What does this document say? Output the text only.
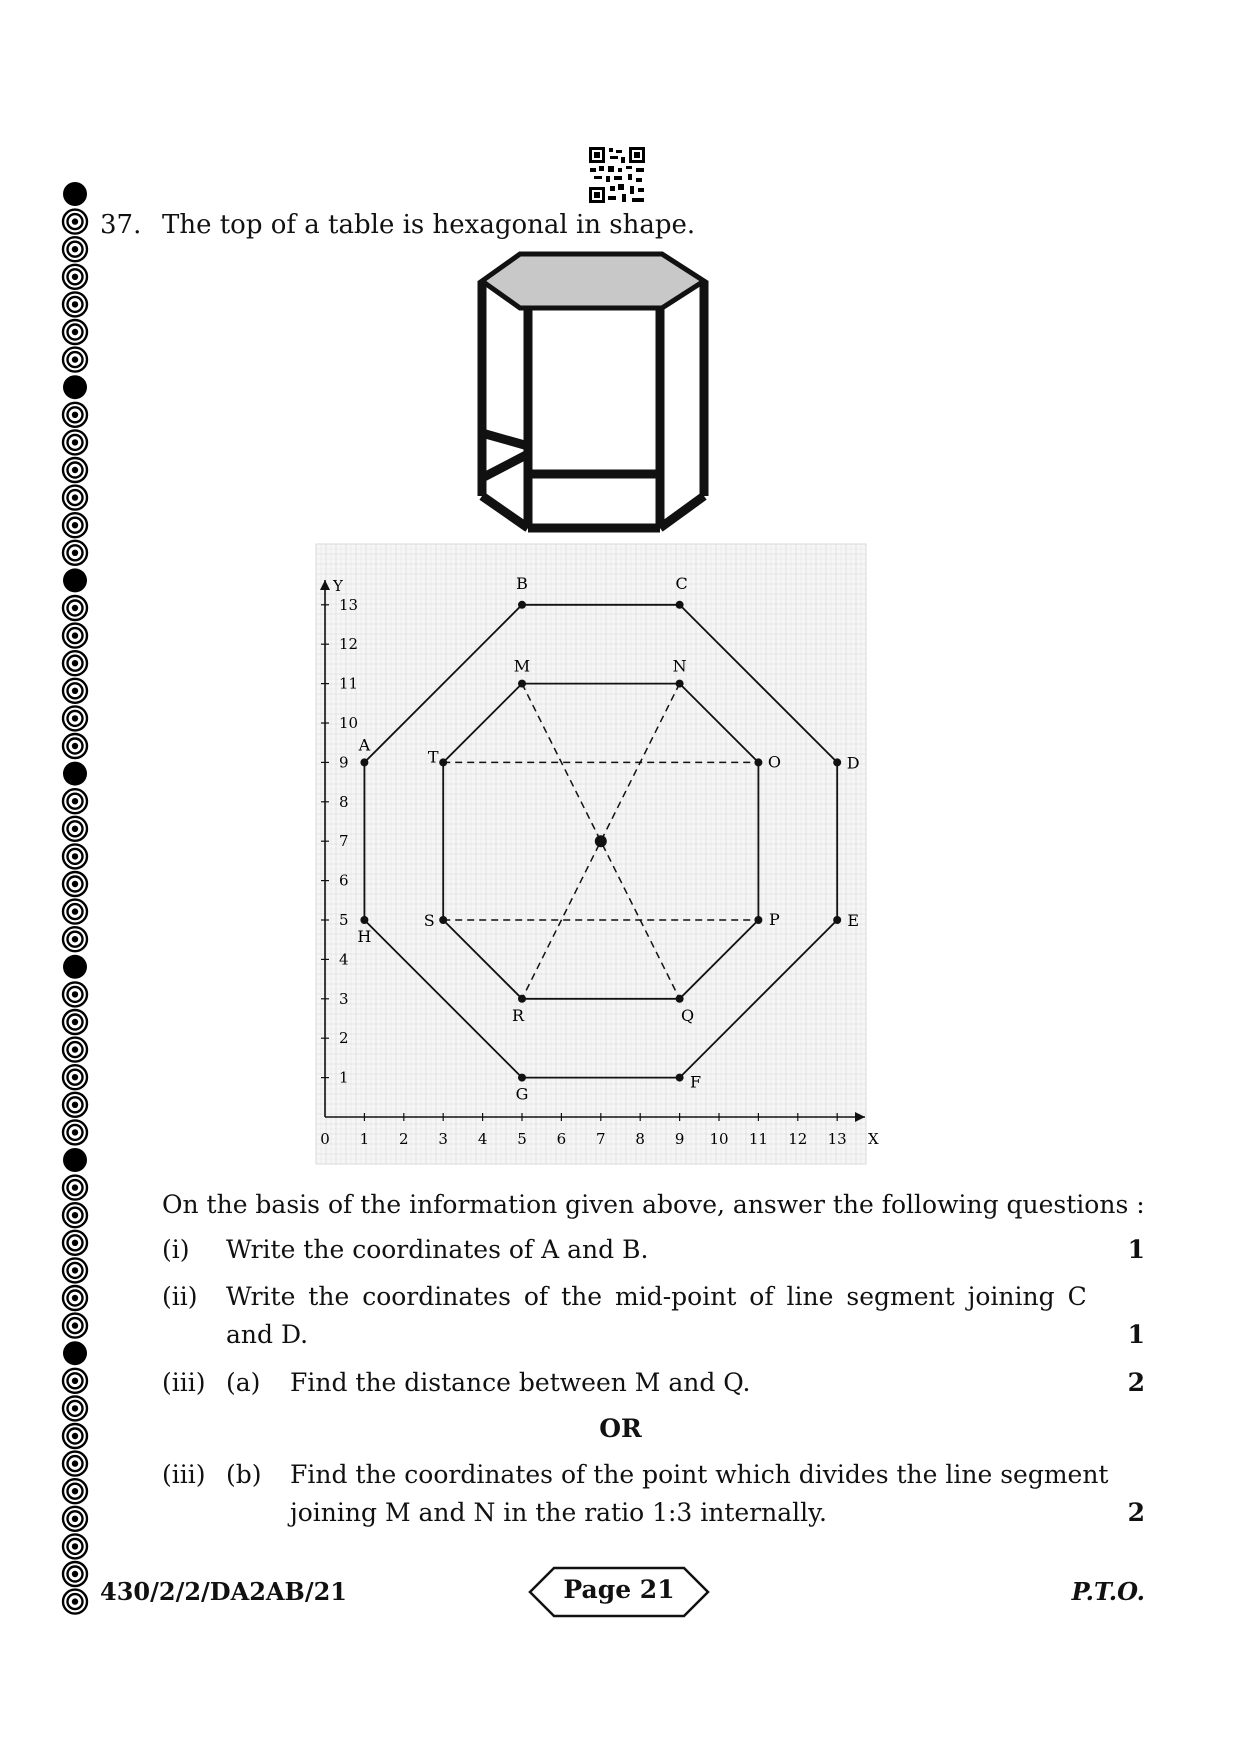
37. The top of a table is hexagonal in shape.
X
Y
0 1 2 3 4 5 6 7 8 9 10 11 12 13
1
2
3
4
5
6
7
8
9
10
11
12
13
A
B	C
D
E
F
G
H
M	N
O
P
Q
R
S
T
On the basis of the information given above, answer the following questions :
(i) Write the coordinates of A and B.	1
(ii) Write the coordinates of the mid-point of line segment joining C
and D.	1
(iii) (a) Find the distance between M and Q.	2
OR
(iii) (b) Find the coordinates of the point which divides the line segment
joining M and N in the ratio 1:3 internally.	2
430/2/2/DA2AB/21	Page 21	P.T.O.
